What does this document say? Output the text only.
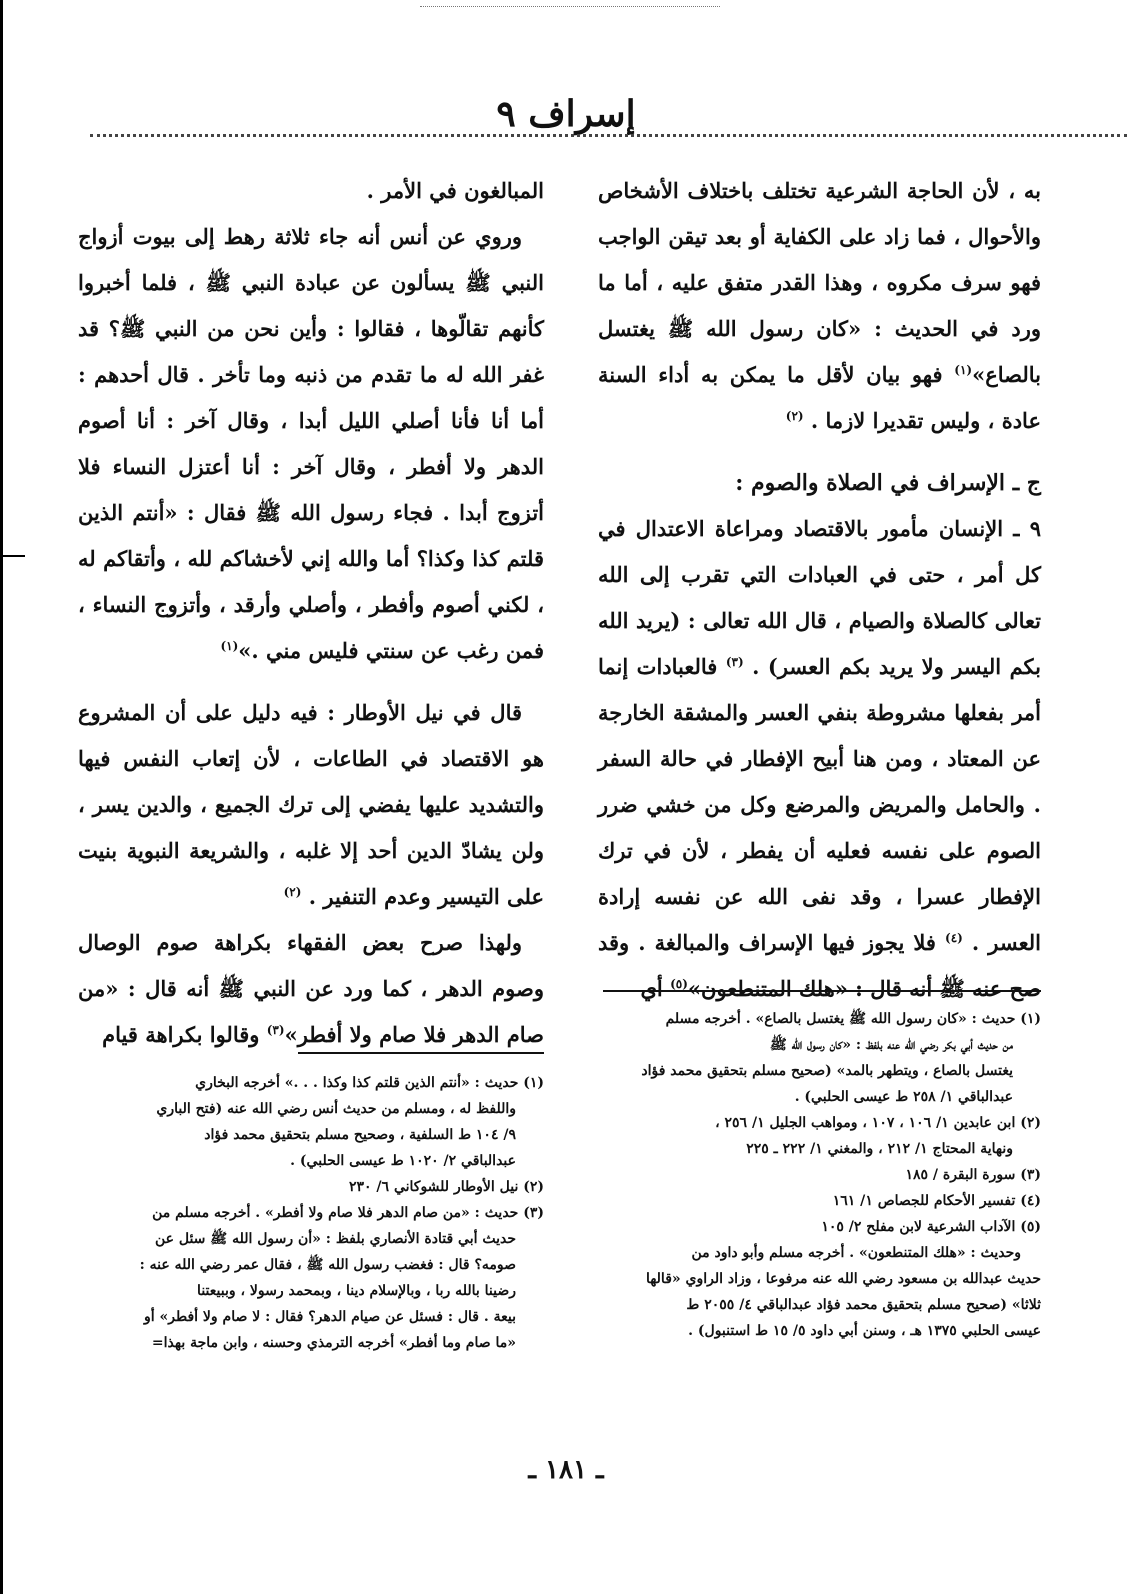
إسراف ٩

به ، لأن الحاجة الشرعية تختلف باختلاف الأشخاص والأحوال ، فما زاد على الكفاية أو بعد تيقن الواجب فهو سرف مكروه ، وهذا القدر متفق عليه ، أما ما ورد في الحديث : «كان رسول الله ﷺ يغتسل بالصاع»$^{(١)}$ فهو بيان لأقل ما يمكن به أداء السنة عادة ، وليس تقديرا لازما . $^{(٢)}$

ج ـ الإسراف في الصلاة والصوم :

٩ ـ الإنسان مأمور بالاقتصاد ومراعاة الاعتدال في كل أمر ، حتى في العبادات التي تقرب إلى الله تعالى كالصلاة والصيام ، قال الله تعالى : (يريد الله بكم اليسر ولا يريد بكم العسر) . $^{(٣)}$ فالعبادات إنما أمر بفعلها مشروطة بنفي العسر والمشقة الخارجة عن المعتاد ، ومن هنا أبيح الإفطار في حالة السفر . والحامل والمريض والمرضع وكل من خشي ضرر الصوم على نفسه فعليه أن يفطر ، لأن في ترك الإفطار عسرا ، وقد نفى الله عن نفسه إرادة العسر . $^{(٤)}$ فلا يجوز فيها الإسراف والمبالغة . وقد صح عنه ﷺ أنه قال : «هلك المتنطعون»$^{(٥)}$ أي

المبالغون في الأمر .

وروي عن أنس أنه جاء ثلاثة رهط إلى بيوت أزواج النبي ﷺ يسألون عن عبادة النبي ﷺ ، فلما أخبروا كأنهم تقالّوها ، فقالوا : وأين نحن من النبي ﷺ؟ قد غفر الله له ما تقدم من ذنبه وما تأخر . قال أحدهم : أما أنا فأنا أصلي الليل أبدا ، وقال آخر : أنا أصوم الدهر ولا أفطر ، وقال آخر : أنا أعتزل النساء فلا أتزوج أبدا . فجاء رسول الله ﷺ فقال : «أنتم الذين قلتم كذا وكذا؟ أما والله إني لأخشاكم لله ، وأتقاكم له ، لكني أصوم وأفطر ، وأصلي وأرقد ، وأتزوج النساء ، فمن رغب عن سنتي فليس مني .»$^{(١)}$

قال في نيل الأوطار : فيه دليل على أن المشروع هو الاقتصاد في الطاعات ، لأن إتعاب النفس فيها والتشديد عليها يفضي إلى ترك الجميع ، والدين يسر ، ولن يشادّ الدين أحد إلا غلبه ، والشريعة النبوية بنيت على التيسير وعدم التنفير . $^{(٢)}$

ولهذا صرح بعض الفقهاء بكراهة صوم الوصال وصوم الدهر ، كما ورد عن النبي ﷺ أنه قال : «من صام الدهر فلا صام ولا أفطر»$^{(٣)}$ وقالوا بكراهة قيام

(١) حديث : «كان رسول الله ﷺ يغتسل بالصاع» . أخرجه مسلم

من حديث أبي بكر رضي الله عنه بلفظ : «كان رسول الله ﷺ

يغتسل بالصاع ، ويتطهر بالمد» (صحيح مسلم بتحقيق محمد فؤاد

عبدالباقي ١/ ٢٥٨ ط عيسى الحلبي) .

(٢) ابن عابدين ١/ ١٠٦ ، ١٠٧ ، ومواهب الجليل ١/ ٢٥٦ ،

ونهاية المحتاج ١/ ٢١٢ ، والمغني ١/ ٢٢٢ ـ ٢٢٥

(٣) سورة البقرة / ١٨٥

(٤) تفسير الأحكام للجصاص ١/ ١٦١

(٥) الآداب الشرعية لابن مفلح ٢/ ١٠٥

وحديث : «هلك المتنطعون» . أخرجه مسلم وأبو داود من

حديث عبدالله بن مسعود رضي الله عنه مرفوعا ، وزاد الراوي «قالها

ثلاثا» (صحيح مسلم بتحقيق محمد فؤاد عبدالباقي ٤/ ٢٠٥٥ ط

عيسى الحلبي ١٣٧٥ هـ ، وسنن أبي داود ٥/ ١٥ ط استنبول) .

(١) حديث : «أنتم الذين قلتم كذا وكذا . . .» أخرجه البخاري

واللفظ له ، ومسلم من حديث أنس رضي الله عنه (فتح الباري

٩/ ١٠٤ ط السلفية ، وصحيح مسلم بتحقيق محمد فؤاد

عبدالباقي ٢/ ١٠٢٠ ط عيسى الحلبي) .

(٢) نيل الأوطار للشوكاني ٦/ ٢٣٠

(٣) حديث : «من صام الدهر فلا صام ولا أفطر» . أخرجه مسلم من

حديث أبي قتادة الأنصاري بلفظ : «أن رسول الله ﷺ سئل عن

صومه؟ قال : فغضب رسول الله ﷺ ، فقال عمر رضي الله عنه :

رضينا بالله ربا ، وبالإسلام دينا ، وبمحمد رسولا ، وببيعتنا

بيعة . قال : فسئل عن صيام الدهر؟ فقال : لا صام ولا أفطر» أو

«ما صام وما أفطر» أخرجه الترمذي وحسنه ، وابن ماجة بهذا=

ـ ١٨١ ـ
